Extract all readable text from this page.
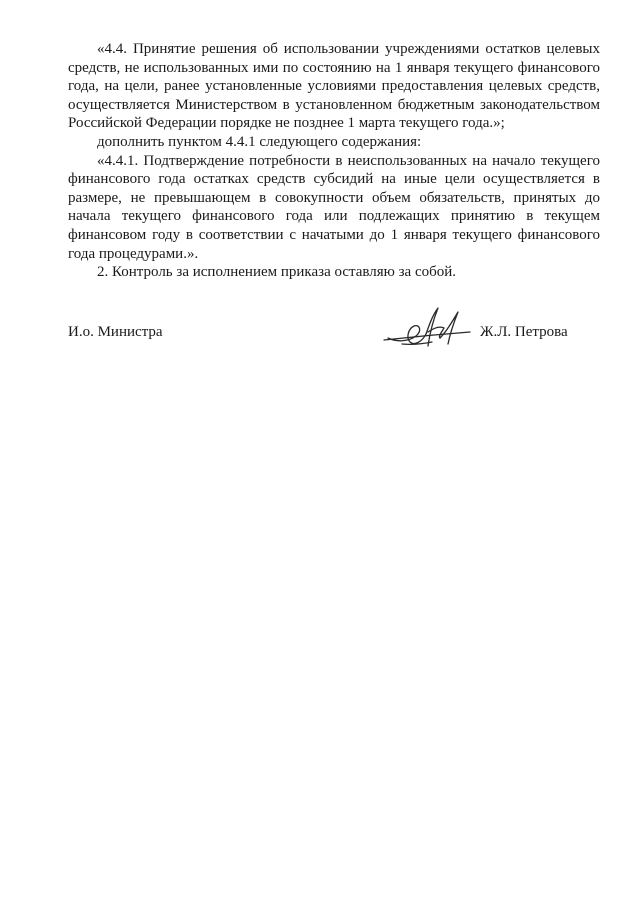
«4.4. Принятие решения об использовании учреждениями остатков целевых средств, не использованных ими по состоянию на 1 января текущего финансового года, на цели, ранее установленные условиями предоставления целевых средств, осуществляется Министерством в установленном бюджетным законодательством Российской Федерации порядке не позднее 1 марта текущего года.»;

дополнить пунктом 4.4.1 следующего содержания:

«4.4.1. Подтверждение потребности в неиспользованных на начало текущего финансового года остатках средств субсидий на иные цели осуществляется в размере, не превышающем в совокупности объем обязательств, принятых до начала текущего финансового года или подлежащих принятию в текущем финансовом году в соответствии с начатыми до 1 января текущего финансового года процедурами.».

2. Контроль за исполнением приказа оставляю за собой.

И.о. Министра	Ж.Л. Петрова
